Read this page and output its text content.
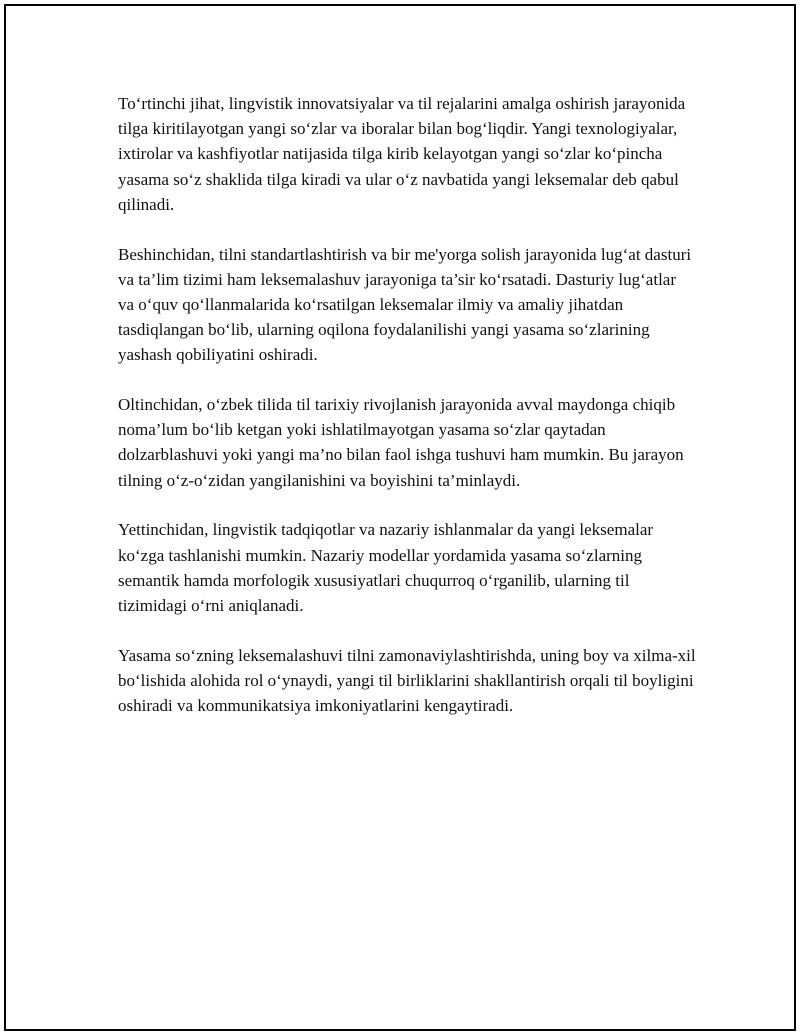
To‘rtinchi jihat, lingvistik innovatsiyalar va til rejalarini amalga oshirish jarayonida tilga kiritilayotgan yangi so‘zlar va iboralar bilan bog‘liqdir. Yangi texnologiyalar, ixtirolar va kashfiyotlar natijasida tilga kirib kelayotgan yangi so‘zlar ko‘pincha yasama so‘z shaklida tilga kiradi va ular o‘z navbatida yangi leksemalar deb qabul qilinadi.

Beshinchidan, tilni standartlashtirish va bir me'yorga solish jarayonida lug‘at dasturi va ta’lim tizimi ham leksemalashuv jarayoniga ta’sir ko‘rsatadi. Dasturiy lug‘atlar va o‘quv qo‘llanmalarida ko‘rsatilgan leksemalar ilmiy va amaliy jihatdan tasdiqlangan bo‘lib, ularning oqilona foydalanilishi yangi yasama so‘zlarining yashash qobiliyatini oshiradi.

Oltinchidan, o‘zbek tilida til tarixiy rivojlanish jarayonida avval maydonga chiqib noma’lum bo‘lib ketgan yoki ishlatilmayotgan yasama so‘zlar qaytadan dolzarblashuvi yoki yangi ma’no bilan faol ishga tushuvi ham mumkin. Bu jarayon tilning o‘z-o‘zidan yangilanishini va boyishini ta’minlaydi.

Yettinchidan, lingvistik tadqiqotlar va nazariy ishlanmalar da yangi leksemalar ko‘zga tashlanishi mumkin. Nazariy modellar yordamida yasama so‘zlarning semantik hamda morfologik xususiyatlari chuqurroq o‘rganilib, ularning til tizimidagi o‘rni aniqlanadi.

Yasama so‘zning leksemalashuvi tilni zamonaviylashtirishda, uning boy va xilma-xil bo‘lishida alohida rol o‘ynaydi, yangi til birliklarini shakllantirish orqali til boyligini oshiradi va kommunikatsiya imkoniyatlarini kengaytiradi.
